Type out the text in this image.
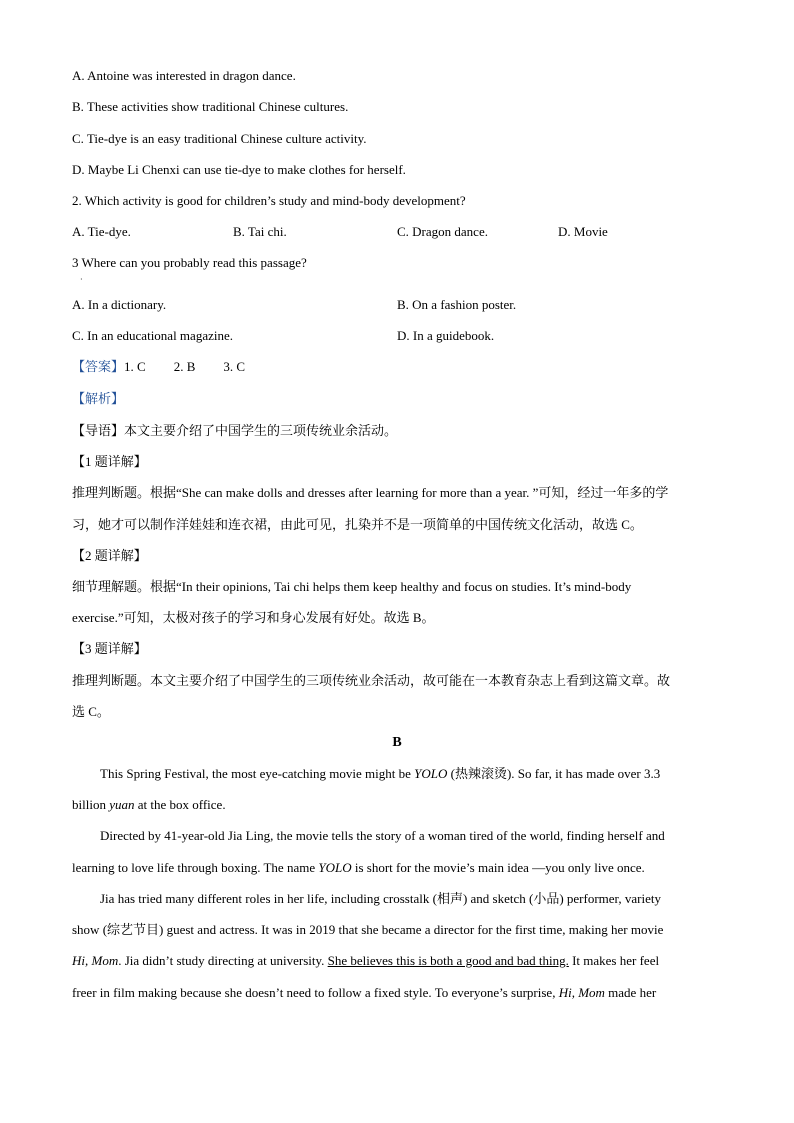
A. Antoine was interested in dragon dance.
B. These activities show traditional Chinese cultures.
C. Tie-dye is an easy traditional Chinese culture activity.
D. Maybe Li Chenxi can use tie-dye to make clothes for herself.
2. Which activity is good for children’s study and mind-body development?
A. Tie-dye.	B. Tai chi.	C. Dragon dance.	D. Movie
3 Where can you probably read this passage?
·
A. In a dictionary.	B. On a fashion poster.
C. In an educational magazine.	D. In a guidebook.
【答案】1. C 2. B 3. C
【解析】
【导语】本文主要介绍了中国学生的三项传统业余活动。
【1 题详解】
推理判断题。根据“She can make dolls and dresses after learning for more than a year. ”可知，经过一年多的学
习，她才可以制作洋娃娃和连衣裙，由此可见，扎染并不是一项简单的中国传统文化活动，故选 C。
【2 题详解】
细节理解题。根据“In their opinions, Tai chi helps them keep healthy and focus on studies. It’s mind-body
exercise.”可知，太极对孩子的学习和身心发展有好处。故选 B。
【3 题详解】
推理判断题。本文主要介绍了中国学生的三项传统业余活动，故可能在一本教育杂志上看到这篇文章。故
选 C。
B
This Spring Festival, the most eye-catching movie might be YOLO (热辣滚烫). So far, it has made over 3.3
billion yuan at the box office.
Directed by 41-year-old Jia Ling, the movie tells the story of a woman tired of the world, finding herself and
learning to love life through boxing. The name YOLO is short for the movie’s main idea —you only live once.
Jia has tried many different roles in her life, including crosstalk (相声) and sketch (小品) performer, variety
show (综艺节目) guest and actress. It was in 2019 that she became a director for the first time, making her movie
Hi, Mom. Jia didn’t study directing at university. She believes this is both a good and bad thing. It makes her feel
freer in film making because she doesn’t need to follow a fixed style. To everyone’s surprise, Hi, Mom made her
